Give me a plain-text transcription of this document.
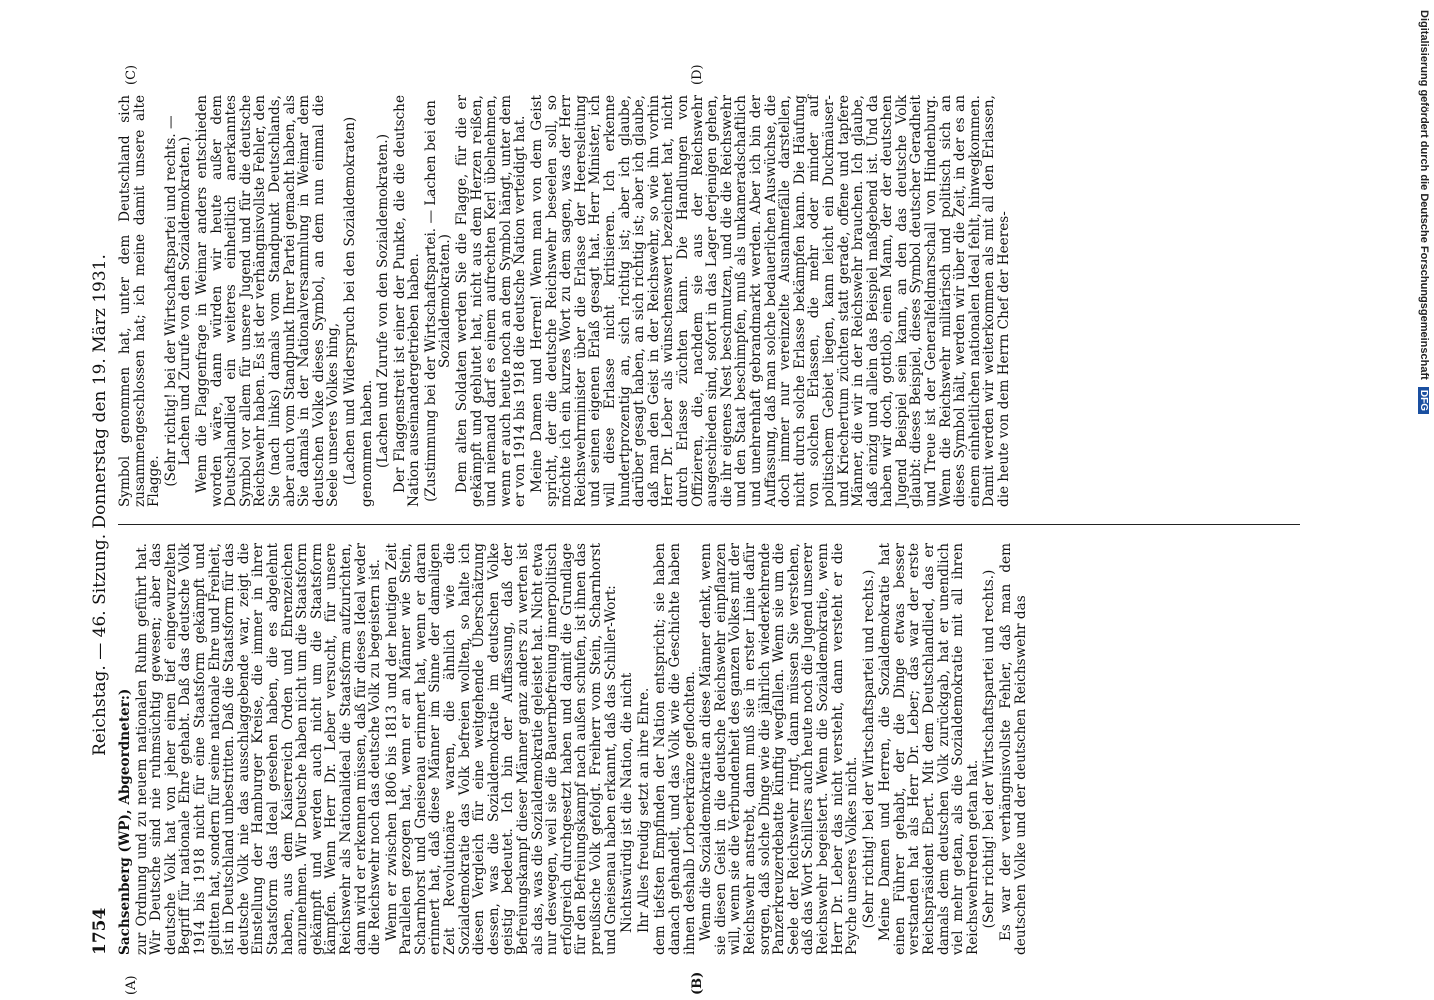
1754
Reichstag. — 46. Sitzung. Donnerstag den 19. März 1931.
(A)	(B)
(C)	(D)

Sachsenberg (WP), Abgeordneter:) zur Ordnung und zu neuem nationalen Ruhm geführt hat. Wir Deutsche sind nie ruhmsüchtig gewesen; aber das deutsche Volk hat von jeher einen tief eingewurzelten Begriff für nationale Ehre gehabt. Daß das deutsche Volk 1914 bis 1918 nicht für eine Staatsform gekämpft und gelitten hat, sondern für seine nationale Ehre und Freiheit, ist in Deutschland unbestritten. Daß die Staatsform für das deutsche Volk nie das ausschlaggebende war, zeigt die Einstellung der Hamburger Kreise, die immer in ihrer Staatsform das Ideal gesehen haben, die es abgelehnt haben, aus dem Kaiserreich Orden und Ehrenzeichen anzunehmen. Wir Deutsche haben nicht um die Staatsform gekämpft und werden auch nicht um die Staatsform kämpfen. Wenn Herr Dr. Leber versucht, für unsere Reichswehr als Nationalideal die Staatsform aufzurichten, dann wird er erkennen müssen, daß für dieses Ideal weder die Reichswehr noch das deutsche Volk zu begeistern ist. Wenn er zwischen 1806 bis 1813 und der heutigen Zeit Parallelen gezogen hat, wenn er an Männer wie Stein, Scharnhorst und Gneisenau erinnert hat, wenn er daran erinnert hat, daß diese Männer im Sinne der damaligen Zeit Revolutionäre waren, die ähnlich wie die Sozialdemokratie das Volk befreien wollten, so halte ich diesen Vergleich für eine weitgehende Überschätzung dessen, was die Sozialdemokratie im deutschen Volke geistig bedeutet. Ich bin der Auffassung, daß der Befreiungskampf dieser Männer ganz anders zu werten ist als das, was die Sozialdemokratie geleistet hat. Nicht etwa nur deswegen, weil sie die Bauernbefreiung innerpolitisch erfolgreich durchgesetzt haben und damit die Grundlage für den Befreiungskampf nach außen schufen, ist ihnen das preußische Volk gefolgt. Freiherr vom Stein, Scharnhorst und Gneisenau haben erkannt, daß das Schiller-Wort: Nichtswürdig ist die Nation, die nicht Ihr Alles freudig setzt an ihre Ehre. dem tiefsten Empfinden der Nation entspricht; sie haben danach gehandelt, und das Volk wie die Geschichte haben ihnen deshalb Lorbeerkränze geflochten. Wenn die Sozialdemokratie an diese Männer denkt, wenn sie diesen Geist in die deutsche Reichswehr einpflanzen will, wenn sie die Verbundenheit des ganzen Volkes mit der Reichswehr anstrebt, dann muß sie in erster Linie dafür sorgen, daß solche Dinge wie die jährlich wiederkehrende Panzerkreuzerdebatte künftig wegfallen. Wenn sie um die Seele der Reichswehr ringt, dann müssen Sie verstehen, daß das Wort Schillers auch heute noch die Jugend unserer Reichswehr begeistert. Wenn die Sozialdemokratie, wenn Herr Dr. Leber das nicht versteht, dann versteht er die Psyche unseres Volkes nicht. (Sehr richtig! bei der Wirtschaftspartei und rechts.) Meine Damen und Herren, die Sozialdemokratie hat einen Führer gehabt, der die Dinge etwas besser verstanden hat als Herr Dr. Leber; das war der erste Reichspräsident Ebert. Mit dem Deutschlandlied, das er damals dem deutschen Volk zurückgab, hat er unendlich viel mehr getan, als die Sozialdemokratie mit all ihren Reichswehrreden getan hat. (Sehr richtig! bei der Wirtschaftspartei und rechts.) Es war der verhängnisvollste Fehler, daß man dem deutschen Volke und der deutschen Reichswehr das

Symbol genommen hat, unter dem Deutschland sich zusammengeschlossen hat; ich meine damit unsere alte Flagge. (Sehr richtig! bei der Wirtschaftspartei und rechts. — Lachen und Zurufe von den Sozialdemokraten.) Wenn die Flaggenfrage in Weimar anders entschieden worden wäre, dann würden wir heute außer dem Deutschlandlied ein weiteres einheitlich anerkanntes Symbol vor allem für unsere Jugend und für die deutsche Reichswehr haben. Es ist der verhängnisvollste Fehler, den Sie (nach links) damals vom Standpunkt Deutschlands, aber auch vom Standpunkt Ihrer Partei gemacht haben, als Sie damals in der Nationalversammlung in Weimar dem deutschen Volke dieses Symbol, an dem nun einmal die Seele unseres Volkes hing, (Lachen und Widerspruch bei den Sozialdemokraten) genommen haben. (Lachen und Zurufe von den Sozialdemokraten.) Der Flaggenstreit ist einer der Punkte, die die deutsche Nation auseinandergetrieben haben. (Zustimmung bei der Wirtschaftspartei. — Lachen bei den Sozialdemokraten.) Dem alten Soldaten werden Sie die Flagge, für die er gekämpft und geblutet hat, nicht aus dem Herzen reißen, und niemand darf es einem aufrechten Kerl übelnehmen, wenn er auch heute noch an dem Symbol hängt, unter dem er von 1914 bis 1918 die deutsche Nation verteidigt hat. Meine Damen und Herren! Wenn man von dem Geist spricht, der die deutsche Reichswehr beseelen soll, so möchte ich ein kurzes Wort zu dem sagen, was der Herr Reichswehrminister über die Erlasse der Heeresleitung und seinen eigenen Erlaß gesagt hat. Herr Minister, ich will diese Erlasse nicht kritisieren. Ich erkenne hundertprozentig an, sich richtig ist; aber ich glaube, darüber gesagt haben, an sich richtig ist; aber ich glaube, daß man den Geist in der Reichswehr, so wie ihn vorhin Herr Dr. Leber als wünschenswert bezeichnet hat, nicht durch Erlasse züchten kann. Die Handlungen von Offizieren, die, nachdem sie aus der Reichswehr ausgeschieden sind, sofort in das Lager derjenigen gehen, die ihr eigenes Nest beschmutzen, und die die Reichswehr und den Staat beschimpfen, muß als unkameradschaftlich und unehrenhaft gebrandmarkt werden. Aber ich bin der Auffassung, daß man solche bedauerlichen Auswüchse, die doch immer nur vereinzelte Ausnahmefälle darstellen, nicht durch solche Erlasse bekämpfen kann. Die Häufung von solchen Erlassen, die mehr oder minder auf politischem Gebiet liegen, kann leicht ein Duckmäuser- und Kriechertum züchten statt gerade, offene und tapfere Männer, die wir in der Reichswehr brauchen. Ich glaube, daß einzig und allein das Beispiel maßgebend ist. Und da haben wir doch, gottlob, einen Mann, der der deutschen Jugend Beispiel sein kann, an den das deutsche Volk glaubt: dieses Beispiel, dieses Symbol deutscher Geradheit und Treue ist der Generalfeldmarschall von Hindenburg. Wenn die Reichswehr militärisch und politisch sich an dieses Symbol hält, werden wir über die Zeit, in der es an einem einheitlichen nationalen Ideal fehlt, hinwegkommen. Damit werden wir weiterkommen als mit all den Erlassen, die heute von dem Herrn Chef der Heeres-	Digitalisierung gefördert durch die Deutsche Forschungsgemeinschaft DFG
